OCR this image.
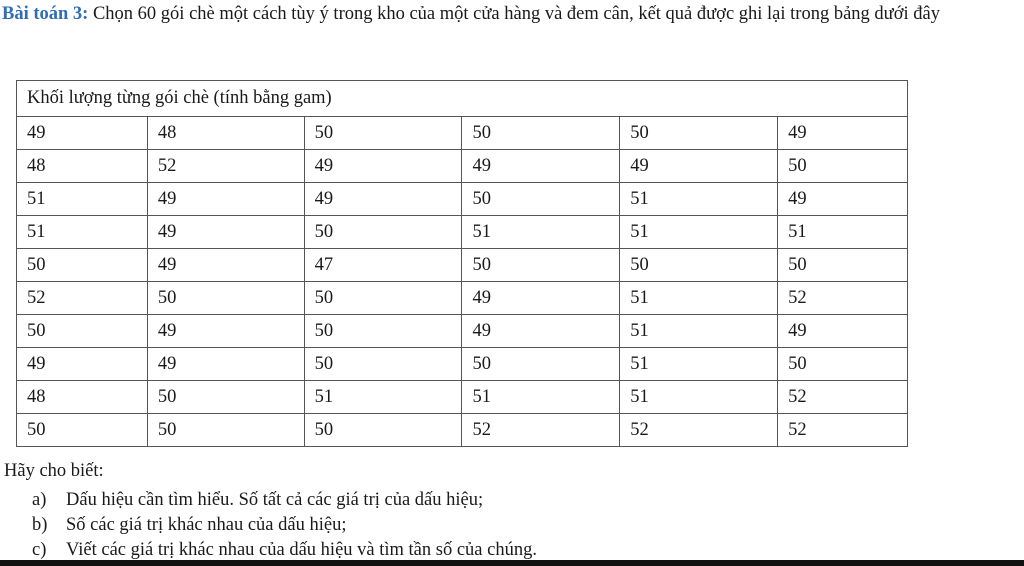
Bài toán 3: Chọn 60 gói chè một cách tùy ý trong kho của một cửa hàng và đem cân, kết quả được ghi lại trong bảng dưới đây

Khối lượng từng gói chè (tính bằng gam)					
49	48	50	50	50	49
48	52	49	49	49	50
51	49	49	50	51	49
51	49	50	51	51	51
50	49	47	50	50	50
52	50	50	49	51	52
50	49	50	49	51	49
49	49	50	50	51	50
48	50	51	51	51	52
50	50	50	52	52	52

Hãy cho biết:

a) Dấu hiệu cần tìm hiểu. Số tất cả các giá trị của dấu hiệu;
b) Số các giá trị khác nhau của dấu hiệu;
c) Viết các giá trị khác nhau của dấu hiệu và tìm tần số của chúng.
